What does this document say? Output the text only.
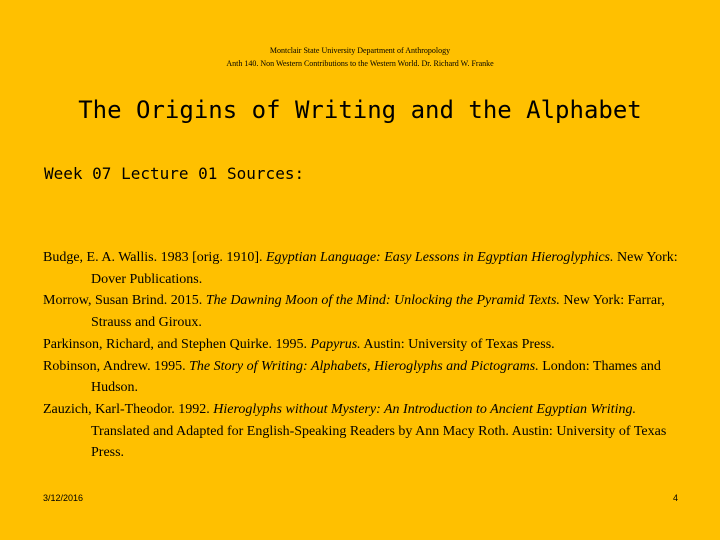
Montclair State University Department of Anthropology
Anth 140. Non Western Contributions to the Western World. Dr. Richard W. Franke
The Origins of Writing and the Alphabet
Week 07 Lecture 01 Sources:
Budge, E. A. Wallis. 1983 [orig. 1910]. Egyptian Language: Easy Lessons in Egyptian Hieroglyphics. New York: Dover Publications.
Morrow, Susan Brind. 2015. The Dawning Moon of the Mind: Unlocking the Pyramid Texts. New York: Farrar, Strauss and Giroux.
Parkinson, Richard, and Stephen Quirke. 1995. Papyrus. Austin: University of Texas Press.
Robinson, Andrew. 1995. The Story of Writing: Alphabets, Hieroglyphs and Pictograms. London: Thames and Hudson.
Zauzich, Karl-Theodor. 1992. Hieroglyphs without Mystery: An Introduction to Ancient Egyptian Writing. Translated and Adapted for English-Speaking Readers by Ann Macy Roth. Austin: University of Texas Press.
3/12/2016	4
